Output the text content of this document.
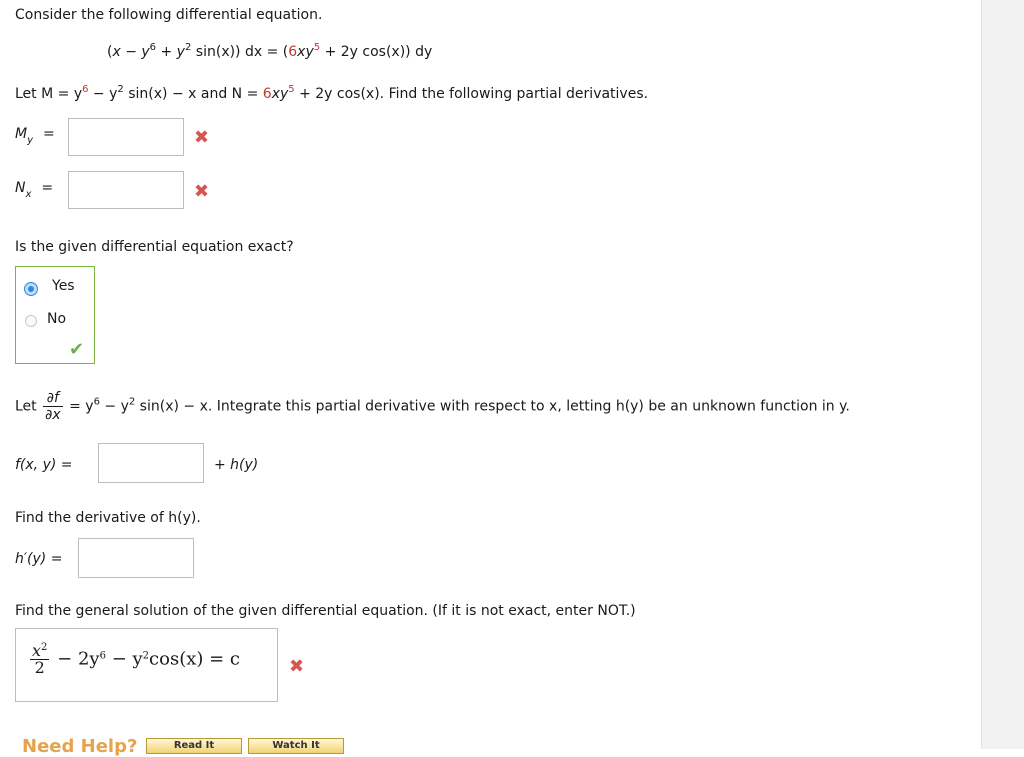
Consider the following differential equation.
($x - y^6 + y^2$ sin(x)) dx = ($6xy^5 + 2y$ cos(x)) dy
Let $M = y^6 - y^2$ sin(x) − x and $N = 6xy^5 + 2y$ cos(x). Find the following partial derivatives.
$M_y$ =	✖
$N_x$ =	✖
Is the given differential equation exact?
Yes
No
✔
Let $\frac{\partial f}{\partial x} = y^6 - y^2$ sin(x) − x. Integrate this partial derivative with respect to x, letting h(y) be an unknown function in y.
f(x, y) =	+ h(y)
Find the derivative of h(y).
h′(y) =
Find the general solution of the given differential equation. (If it is not exact, enter NOT.)
$\frac{x^2}{2} - 2y^6 - y^2\cos(x) = c$	✖
Need Help?	Read It	Watch It
